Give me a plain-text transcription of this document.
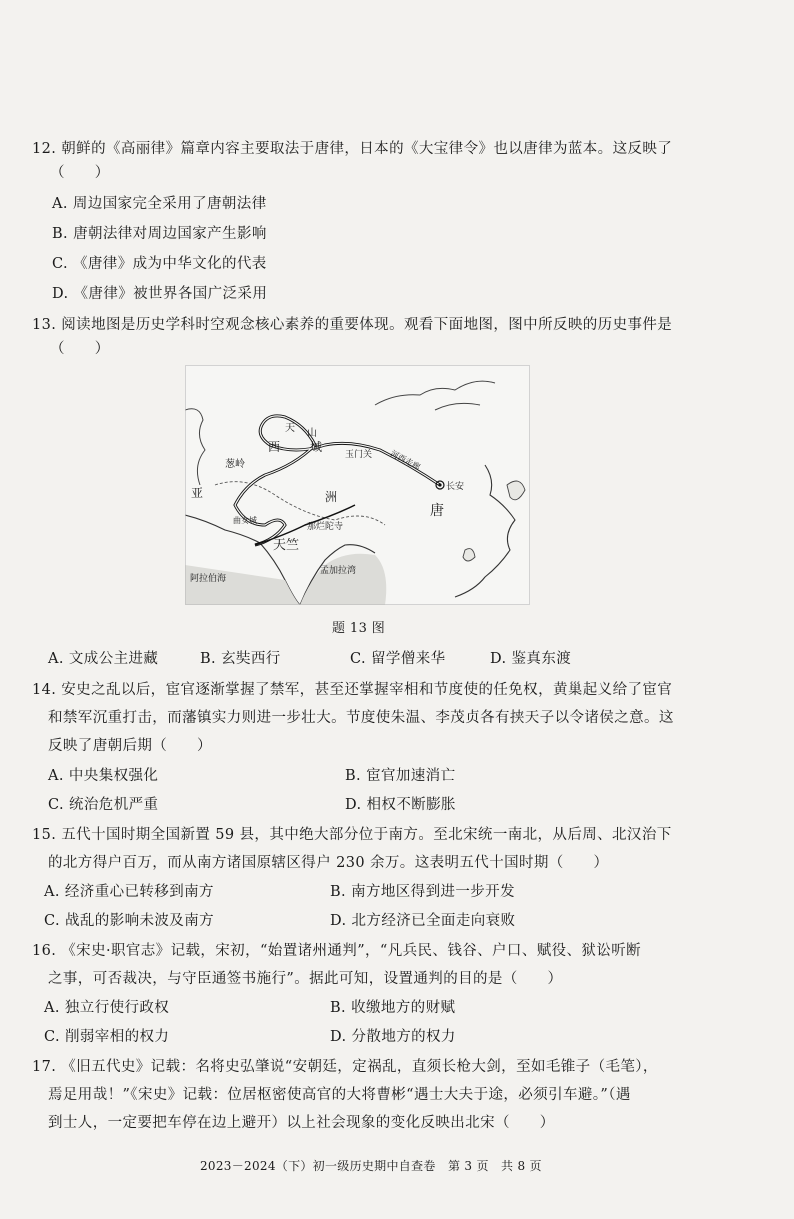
12. 朝鲜的《高丽律》篇章内容主要取法于唐律，日本的《大宝律令》也以唐律为蓝本。这反映了
（　　）
A. 周边国家完全采用了唐朝法律
B. 唐朝法律对周边国家产生影响
C. 《唐律》成为中华文化的代表
D. 《唐律》被世界各国广泛采用
13. 阅读地图是历史学科时空观念核心素养的重要体现。观看下面地图，图中所反映的历史事件是
（　　）
天 山
西 域
玉门关 河西走廊
长安
葱岭
亚	洲
唐
曲女城
那烂陀寺
天竺
孟加拉湾
阿拉伯海
题 13 图
A. 文成公主进藏	B. 玄奘西行	C. 留学僧来华	D. 鉴真东渡
14. 安史之乱以后，宦官逐渐掌握了禁军，甚至还掌握宰相和节度使的任免权，黄巢起义给了宦官
和禁军沉重打击，而藩镇实力则进一步壮大。节度使朱温、李茂贞各有挟天子以令诸侯之意。这
反映了唐朝后期（　　）
A. 中央集权强化	B. 宦官加速消亡
C. 统治危机严重	D. 相权不断膨胀
15. 五代十国时期全国新置 59 县，其中绝大部分位于南方。至北宋统一南北，从后周、北汉治下
的北方得户百万，而从南方诸国原辖区得户 230 余万。这表明五代十国时期（　　）
A. 经济重心已转移到南方	B. 南方地区得到进一步开发
C. 战乱的影响未波及南方	D. 北方经济已全面走向衰败
16. 《宋史·职官志》记载，宋初，“始置诸州通判”，“凡兵民、钱谷、户口、赋役、狱讼听断
之事，可否裁决，与守臣通签书施行”。据此可知，设置通判的目的是（　　）
A. 独立行使行政权	B. 收缴地方的财赋
C. 削弱宰相的权力	D. 分散地方的权力
17. 《旧五代史》记载：名将史弘肇说“安朝廷，定祸乱，直须长枪大剑，至如毛锥子（毛笔），
焉足用哉！”《宋史》记载：位居枢密使高官的大将曹彬“遇士大夫于途，必须引车避。”（遇
到士人，一定要把车停在边上避开）以上社会现象的变化反映出北宋（　　）
2023－2024（下）初一级历史期中自查卷　第 3 页　共 8 页
